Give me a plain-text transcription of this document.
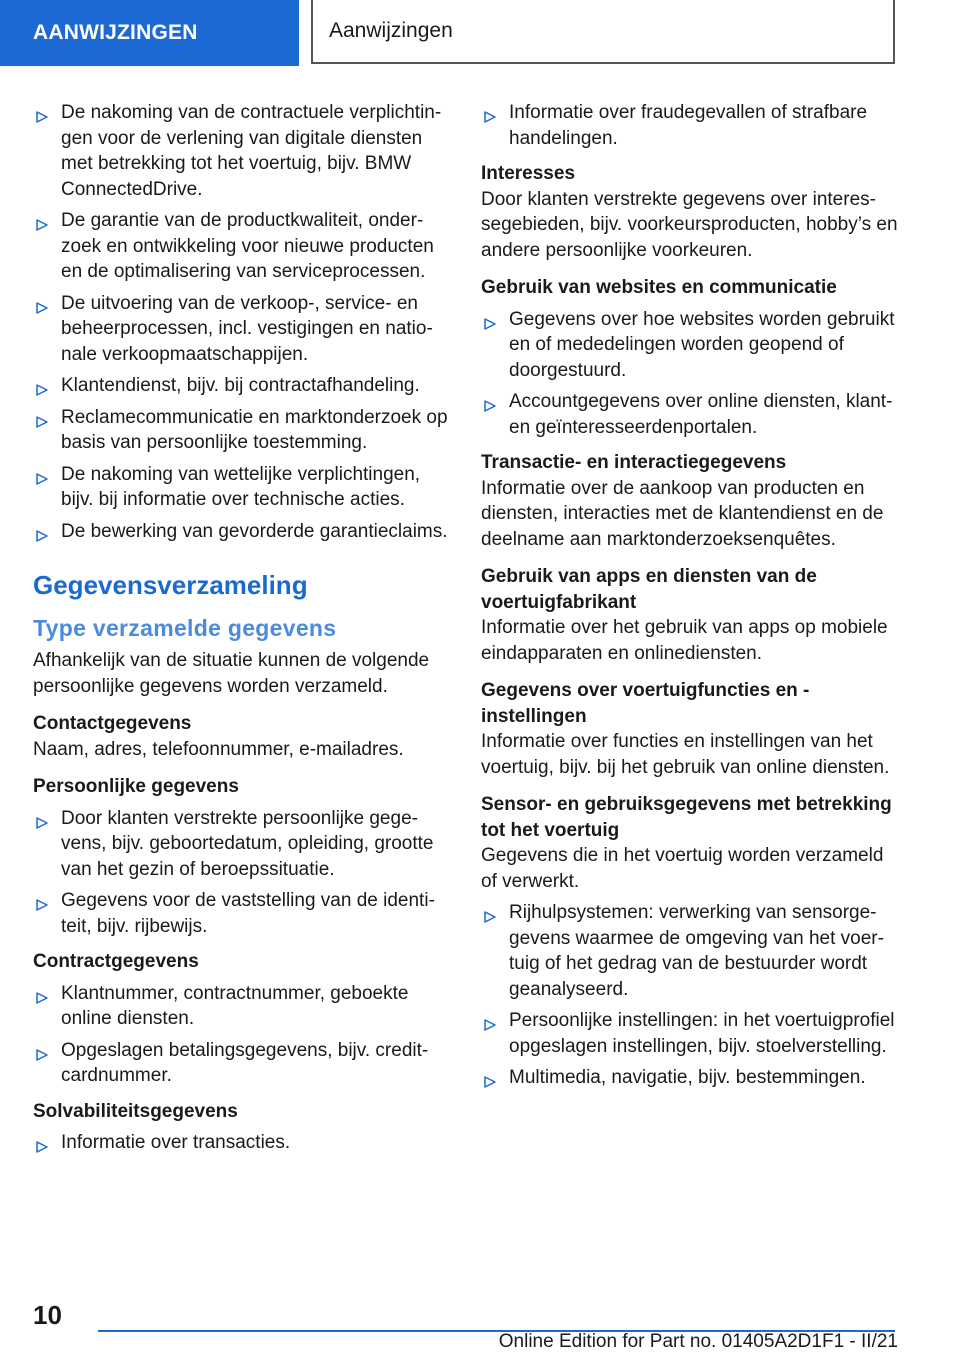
AANWIJZINGEN	Aanwijzingen
De nakoming van de contractuele verplichtingen voor de verlening van digitale diensten met betrekking tot het voertuig, bijv. BMW ConnectedDrive.
De garantie van de productkwaliteit, onderzoek en ontwikkeling voor nieuwe producten en de optimalisering van serviceprocessen.
De uitvoering van de verkoop-, service- en beheerprocessen, incl. vestigingen en nationale verkoopmaatschappijen.
Klantendienst, bijv. bij contractafhandeling.
Reclamecommunicatie en marktonderzoek op basis van persoonlijke toestemming.
De nakoming van wettelijke verplichtingen, bijv. bij informatie over technische acties.
De bewerking van gevorderde garantieclaims.
Gegevensverzameling
Type verzamelde gegevens

Afhankelijk van de situatie kunnen de volgende persoonlijke gegevens worden verzameld.

Contactgegevens

Naam, adres, telefoonnummer, e-mailadres.

Persoonlijke gegevens

Door klanten verstrekte persoonlijke gegevens, bijv. geboortedatum, opleiding, grootte van het gezin of beroepssituatie.
Gegevens voor de vaststelling van de identiteit, bijv. rijbewijs.

Contractgegevens

Klantnummer, contractnummer, geboekte online diensten.
Opgeslagen betalingsgegevens, bijv. creditcardnummer.

Solvabiliteitsgegevens

Informatie over transacties.
Informatie over fraudegevallen of strafbare handelingen.

Interesses

Door klanten verstrekte gegevens over interessegebieden, bijv. voorkeursproducten, hobby’s en andere persoonlijke voorkeuren.

Gebruik van websites en communicatie

Gegevens over hoe websites worden gebruikt en of mededelingen worden geopend of doorgestuurd.
Accountgegevens over online diensten, klant- en geïnteresseerdenportalen.

Transactie- en interactiegegevens

Informatie over de aankoop van producten en diensten, interacties met de klantendienst en de deelname aan marktonderzoeksenquêtes.

Gebruik van apps en diensten van de voertuigfabrikant

Informatie over het gebruik van apps op mobiele eindapparaten en onlinediensten.

Gegevens over voertuigfuncties en -instellingen

Informatie over functies en instellingen van het voertuig, bijv. bij het gebruik van online diensten.

Sensor- en gebruiksgegevens met betrekking tot het voertuig

Gegevens die in het voertuig worden verzameld of verwerkt.

Rijhulpsystemen: verwerking van sensorgegevens waarmee de omgeving van het voertuig of het gedrag van de bestuurder wordt geanalyseerd.
Persoonlijke instellingen: in het voertuigprofiel opgeslagen instellingen, bijv. stoelverstelling.
Multimedia, navigatie, bijv. bestemmingen.
10
Online Edition for Part no. 01405A2D1F1 - II/21
